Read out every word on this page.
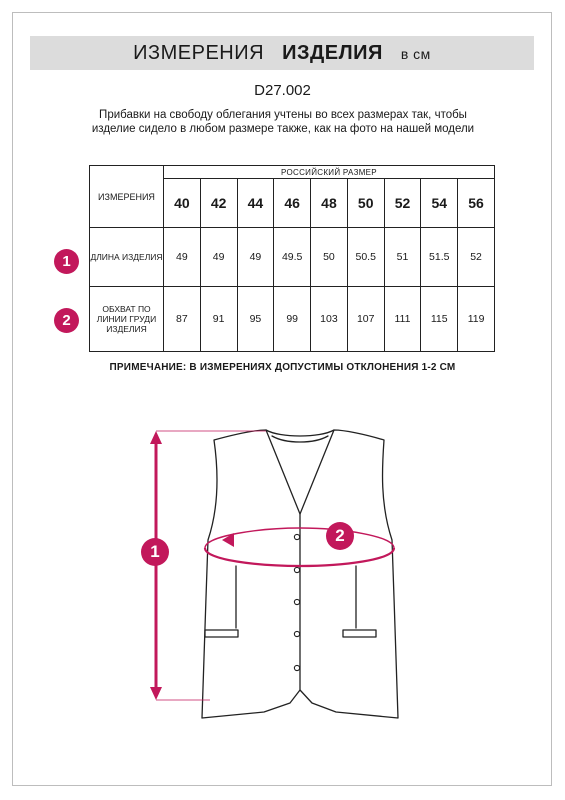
ИЗМЕРЕНИЯ ИЗДЕЛИЯ в см
D27.002
Прибавки на свободу облегания учтены во всех размерах так, чтобы изделие сидело в любом размере также, как на фото на нашей модели
ИЗМЕРЕНИЯ	РОССИЙСКИЙ РАЗМЕР								
	40	42	44	46	48	50	52	54	56
ДЛИНА ИЗДЕЛИЯ	49	49	49	49.5	50	50.5	51	51.5	52
ОБХВАТ ПО ЛИНИИ ГРУДИ ИЗДЕЛИЯ	87	91	95	99	103	107	111	115	119
1
2
ПРИМЕЧАНИЕ: В ИЗМЕРЕНИЯХ ДОПУСТИМЫ ОТКЛОНЕНИЯ 1-2 СМ
1
2
